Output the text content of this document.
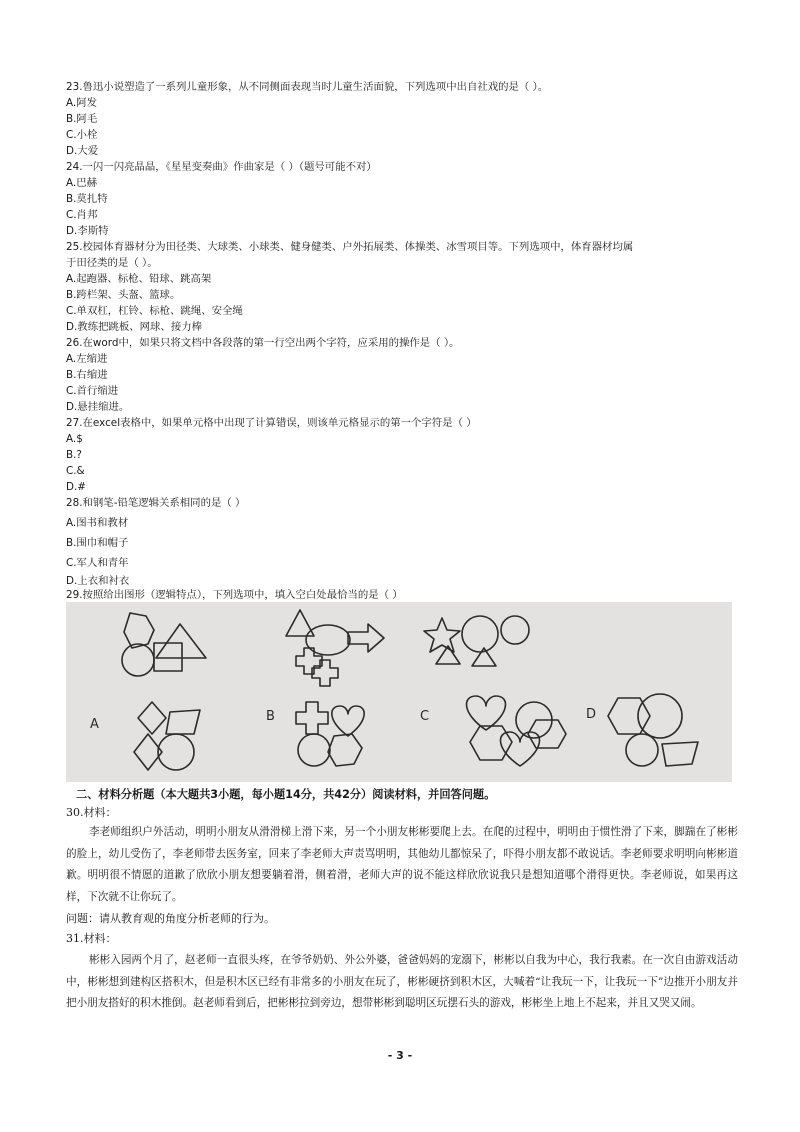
23.鲁迅小说塑造了一系列儿童形象，从不同侧面表现当时儿童生活面貌，下列选项中出自社戏的是（ ）。

A.阿发

B.阿毛

C.小栓

D.大爱

24.一闪一闪亮晶晶，《星星变奏曲》作曲家是（ ）（题号可能不对）

A.巴赫

B.莫扎特

C.肖邦

D.李斯特

25.校园体育器材分为田径类、大球类、小球类、健身健类、户外拓展类、体操类、冰雪项目等。下列选项中，体育器材均属

于田径类的是（ ）。

A.起跑器、标枪、铅球、跳高架

B.跨栏架、头盔、篮球。

C.单双杠，杠铃、标枪、跳绳、安全绳

D.教练把跳板、网球、接力棒

26.在word中，如果只将文档中各段落的第一行空出两个字符，应采用的操作是（ ）。

A.左缩进

B.右缩进

C.首行缩进

D.悬挂缩进。

27.在excel表格中，如果单元格中出现了计算错误，则该单元格显示的第一个字符是（ ）

A.$

B.?

C.&

D.#

28.和钢笔-铅笔逻辑关系相同的是（ ）

A.图书和教材

B.围巾和帽子

C.军人和青年

D.上衣和衬衣

29.按照给出图形（逻辑特点），下列选项中，填入空白处最恰当的是（ ）

A
B	C	D

二、材料分析题（本大题共3小题，每小题14分，共42分）阅读材料，并回答问题。

30.材料：

李老师组织户外活动，明明小朋友从滑滑梯上滑下来，另一个小朋友彬彬要爬上去。在爬的过程中，明明由于惯性滑了下来，脚踹在了彬彬的脸上，幼儿受伤了，李老师带去医务室，回来了李老师大声责骂明明，其他幼儿都惊呆了，吓得小朋友都不敢说话。李老师要求明明向彬彬道歉。明明很不情愿的道歉了欣欣小朋友想要躺着滑，侧着滑，老师大声的说不能这样欣欣说我只是想知道哪个滑得更快。李老师说，如果再这样，下次就不让你玩了。

问题：请从教育观的角度分析老师的行为。

31.材料：

彬彬入园两个月了，赵老师一直很头疼，在爷爷奶奶、外公外婆，爸爸妈妈的宠溺下，彬彬以自我为中心，我行我素。在一次自由游戏活动中，彬彬想到建构区搭积木，但是积木区已经有非常多的小朋友在玩了，彬彬硬挤到积木区，大喊着“让我玩一下，让我玩一下”边推开小朋友并把小朋友搭好的积木推倒。赵老师看到后，把彬彬拉到旁边，想带彬彬到聪明区玩摆石头的游戏，彬彬坐上地上不起来，并且又哭又闹。

- 3 -
